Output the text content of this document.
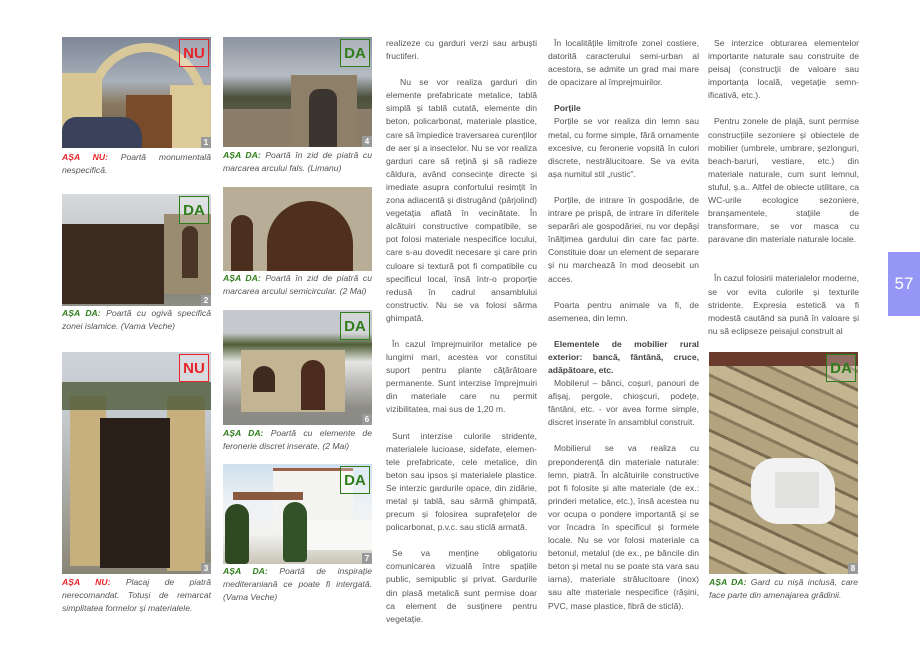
NU
1
AȘA NU: Poartă monumentală nespecifică.
DA
2
AȘA DA: Poartă cu ogivă specifică zonei islamice. (Vama Veche)
NU
3
AȘA NU: Placaj de piatră nerecomandat. Totuși de remarcat simplitatea formelor și materialele.
DA
4
AȘA DA: Poartă în zid de piatră cu marcarea arcului fals. (Limanu)
AȘA DA: Poartă în zid de piatră cu marcarea arcului semicircular. (2 Mai)
DA
6
AȘA DA: Poartă cu elemente de feronerie discret inserate. (2 Mai)
DA
7
AȘA DA: Poartă de inspirație mediteraniană ce poate fi intergată. (Vama Veche)

realizeze cu garduri verzi sau arbuști fructiferi.

Nu se vor realiza garduri din elemente prefabricate metalice, tablă simplă și tablă cutată, elemente din beton, policarbonat, materiale plastice, care să împiedice traversarea curenților de aer și a insectelor. Nu se vor realiza garduri care să rețină și să radieze căldura, având consecințe directe și imediate asupra confortului resimțit în zona adiacentă și distrugând (pârjolind) vegetația aflată în vecinătate. În alcătuiri constructive compatibile, se pot folosi materiale nespecifice locului, care s-au dovedit necesare și care prin culoare si textură pot fi compatibile cu specificul local, însă într-o proporție redusă în cadrul ansamblului constructiv. Nu se va folosi sârma ghimpată.

În cazul împrejmuirilor metalice pe lungimi mari, acestea vor constitui suport pentru plante cățărătoare permanente. Sunt interzise împrejmuiri din materiale care nu permit vizibilitatea, mai sus de 1,20 m.

Sunt interzise culorile stridente, materialele lucioase, sidefate, elemen-tele prefabricate, cele metalice, din beton sau ipsos și materialele plastice. Se interzic gardurile opace, din zidărie, metal și tablă, sau sârmă ghimpată, precum și folosirea suprafețelor de policarbonat, p.v.c. sau sticlă armată.

Se va menține obligatoriu comunicarea vizuală între spațiile public, semipublic și privat. Gardurile din plasă metalică sunt permise doar ca element de susținere pentru vegetație.

În localitățile limitrofe zonei costiere, datorită caracterului semi-urban al acestora, se admite un grad mai mare de opacizare al împrejmuirilor.

Porțile

Porțile se vor realiza din lemn sau metal, cu forme simple, fără ornamente excesive, cu feronerie vopsită în culori discrete, nestrălucitoare. Se va evita așa numitul stil „rustic”.

Porțile, de intrare în gospodărie, de intrare pe prispă, de intrare în diferitele separări ale gospodăriei, nu vor depăși înălțimea gardului din care fac parte. Constituie doar un element de separare și nu marchează în mod deosebit un acces.

Poarta pentru animale va fi, de asemenea, din lemn.

Elementele de mobilier rural exterior: bancă, fântână, cruce, adăpătoare, etc.

Mobilerul – bănci, coșuri, panouri de afișaj, pergole, chioșcuri, podețe, fântâni, etc. - vor avea forme simple, discret inserate în ansamblul construit.

Mobilierul se va realiza cu preponderență din materiale naturale: lemn, piatră. În alcătuirile constructive pot fi folosite și alte materiale (de ex.: prinderi metalice, etc.), însă acestea nu vor ocupa o pondere importantă și se vor încadra în specificul și formele locale. Nu se vor folosi materiale ca betonul, metalul (de ex., pe băncile din beton și metal nu se poate sta vara sau iarna), materiale strălucitoare (inox) sau alte materiale nespecifice (rășini, PVC, mase plastice, fibră de sticlă).

Se interzice obturarea elementelor importante naturale sau construite de peisaj (construcții de valoare sau importanța locală, vegetație semn-ificativă, etc.).

Pentru zonele de plajă, sunt permise construcțiile sezoniere și obiectele de mobilier (umbrele, umbrare, șezlonguri, beach-baruri, vestiare, etc.) din materiale naturale, cum sunt lemnul, stuful, ș.a.. Altfel de obiecte utilitare, ca WC-urile ecologice sezoniere, branșamentele, stațiile de transformare, se vor masca cu paravane din materiale naturale locale.

În cazul folosirii materialelor moderne, se vor evita culorile și texturile stridente. Expresia estetică va fi modestă cautând sa pună în valoare și nu să eclipseze peisajul construit al

DA
8
AȘA DA: Gard cu nișă inclusă, care face parte din amenajarea grădinii.
57
